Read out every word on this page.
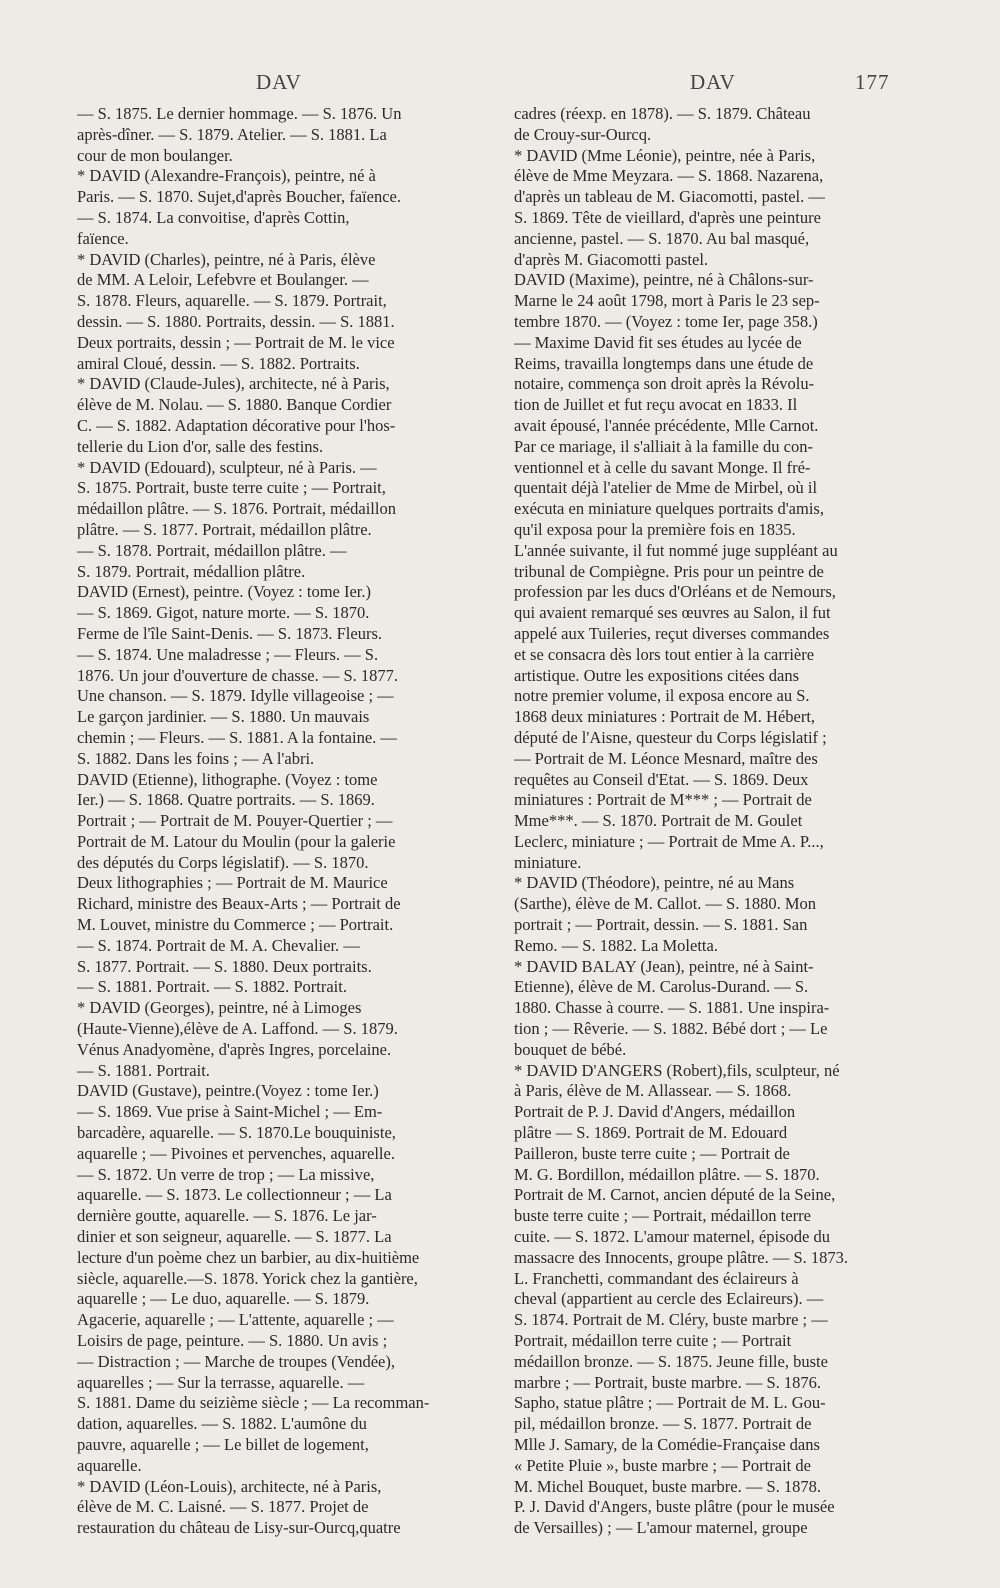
DAV	DAV	177
— S. 1875. Le dernier hommage. — S. 1876. Un
après-dîner. — S. 1879. Atelier. — S. 1881. La
cour de mon boulanger.
* DAVID (Alexandre-François), peintre, né à
Paris. — S. 1870. Sujet,d'après Boucher, faïence.
— S. 1874. La convoitise, d'après Cottin,
faïence.
* DAVID (Charles), peintre, né à Paris, élève
de MM. A Leloir, Lefebvre et Boulanger. —
S. 1878. Fleurs, aquarelle. — S. 1879. Portrait,
dessin. — S. 1880. Portraits, dessin. — S. 1881.
Deux portraits, dessin ; — Portrait de M. le vice
amiral Cloué, dessin. — S. 1882. Portraits.
* DAVID (Claude-Jules), architecte, né à Paris,
élève de M. Nolau. — S. 1880. Banque Cordier
C. — S. 1882. Adaptation décorative pour l'hos-
tellerie du Lion d'or, salle des festins.
* DAVID (Edouard), sculpteur, né à Paris. —
S. 1875. Portrait, buste terre cuite ; — Portrait,
médaillon plâtre. — S. 1876. Portrait, médaillon
plâtre. — S. 1877. Portrait, médaillon plâtre.
— S. 1878. Portrait, médaillon plâtre. —
S. 1879. Portrait, médallion plâtre.
DAVID (Ernest), peintre. (Voyez : tome Ier.)
— S. 1869. Gigot, nature morte. — S. 1870.
Ferme de l'île Saint-Denis. — S. 1873. Fleurs.
— S. 1874. Une maladresse ; — Fleurs. — S.
1876. Un jour d'ouverture de chasse. — S. 1877.
Une chanson. — S. 1879. Idylle villageoise ; —
Le garçon jardinier. — S. 1880. Un mauvais
chemin ; — Fleurs. — S. 1881. A la fontaine. —
S. 1882. Dans les foins ; — A l'abri.
DAVID (Etienne), lithographe. (Voyez : tome
Ier.) — S. 1868. Quatre portraits. — S. 1869.
Portrait ; — Portrait de M. Pouyer-Quertier ; —
Portrait de M. Latour du Moulin (pour la galerie
des députés du Corps législatif). — S. 1870.
Deux lithographies ; — Portrait de M. Maurice
Richard, ministre des Beaux-Arts ; — Portrait de
M. Louvet, ministre du Commerce ; — Portrait.
— S. 1874. Portrait de M. A. Chevalier. —
S. 1877. Portrait. — S. 1880. Deux portraits.
— S. 1881. Portrait. — S. 1882. Portrait.
* DAVID (Georges), peintre, né à Limoges
(Haute-Vienne),élève de A. Laffond. — S. 1879.
Vénus Anadyomène, d'après Ingres, porcelaine.
— S. 1881. Portrait.
DAVID (Gustave), peintre.(Voyez : tome Ier.)
— S. 1869. Vue prise à Saint-Michel ; — Em-
barcadère, aquarelle. — S. 1870.Le bouquiniste,
aquarelle ; — Pivoines et pervenches, aquarelle.
— S. 1872. Un verre de trop ; — La missive,
aquarelle. — S. 1873. Le collectionneur ; — La
dernière goutte, aquarelle. — S. 1876. Le jar-
dinier et son seigneur, aquarelle. — S. 1877. La
lecture d'un poème chez un barbier, au dix-huitième
siècle, aquarelle.—S. 1878. Yorick chez la gantière,
aquarelle ; — Le duo, aquarelle. — S. 1879.
Agacerie, aquarelle ; — L'attente, aquarelle ; —
Loisirs de page, peinture. — S. 1880. Un avis ;
— Distraction ; — Marche de troupes (Vendée),
aquarelles ; — Sur la terrasse, aquarelle. —
S. 1881. Dame du seizième siècle ; — La recomman-
dation, aquarelles. — S. 1882. L'aumône du
pauvre, aquarelle ; — Le billet de logement,
aquarelle.
* DAVID (Léon-Louis), architecte, né à Paris,
élève de M. C. Laisné. — S. 1877. Projet de
restauration du château de Lisy-sur-Ourcq,quatre
cadres (réexp. en 1878). — S. 1879. Château
de Crouy-sur-Ourcq.
* DAVID (Mme Léonie), peintre, née à Paris,
élève de Mme Meyzara. — S. 1868. Nazarena,
d'après un tableau de M. Giacomotti, pastel. —
S. 1869. Tête de vieillard, d'après une peinture
ancienne, pastel. — S. 1870. Au bal masqué,
d'après M. Giacomotti pastel.
DAVID (Maxime), peintre, né à Châlons-sur-
Marne le 24 août 1798, mort à Paris le 23 sep-
tembre 1870. — (Voyez : tome Ier, page 358.)
— Maxime David fit ses études au lycée de
Reims, travailla longtemps dans une étude de
notaire, commença son droit après la Révolu-
tion de Juillet et fut reçu avocat en 1833. Il
avait épousé, l'année précédente, Mlle Carnot.
Par ce mariage, il s'alliait à la famille du con-
ventionnel et à celle du savant Monge. Il fré-
quentait déjà l'atelier de Mme de Mirbel, où il
exécuta en miniature quelques portraits d'amis,
qu'il exposa pour la première fois en 1835.
L'année suivante, il fut nommé juge suppléant au
tribunal de Compiègne. Pris pour un peintre de
profession par les ducs d'Orléans et de Nemours,
qui avaient remarqué ses œuvres au Salon, il fut
appelé aux Tuileries, reçut diverses commandes
et se consacra dès lors tout entier à la carrière
artistique. Outre les expositions citées dans
notre premier volume, il exposa encore au S.
1868 deux miniatures : Portrait de M. Hébert,
député de l'Aisne, questeur du Corps législatif ;
— Portrait de M. Léonce Mesnard, maître des
requêtes au Conseil d'Etat. — S. 1869. Deux
miniatures : Portrait de M*** ; — Portrait de
Mme***. — S. 1870. Portrait de M. Goulet
Leclerc, miniature ; — Portrait de Mme A. P...,
miniature.
* DAVID (Théodore), peintre, né au Mans
(Sarthe), élève de M. Callot. — S. 1880. Mon
portrait ; — Portrait, dessin. — S. 1881. San
Remo. — S. 1882. La Moletta.
* DAVID BALAY (Jean), peintre, né à Saint-
Etienne), élève de M. Carolus-Durand. — S.
1880. Chasse à courre. — S. 1881. Une inspira-
tion ; — Rêverie. — S. 1882. Bébé dort ; — Le
bouquet de bébé.
* DAVID D'ANGERS (Robert),fils, sculpteur, né
à Paris, élève de M. Allassear. — S. 1868.
Portrait de P. J. David d'Angers, médaillon
plâtre — S. 1869. Portrait de M. Edouard
Pailleron, buste terre cuite ; — Portrait de
M. G. Bordillon, médaillon plâtre. — S. 1870.
Portrait de M. Carnot, ancien député de la Seine,
buste terre cuite ; — Portrait, médaillon terre
cuite. — S. 1872. L'amour maternel, épisode du
massacre des Innocents, groupe plâtre. — S. 1873.
L. Franchetti, commandant des éclaireurs à
cheval (appartient au cercle des Eclaireurs). —
S. 1874. Portrait de M. Cléry, buste marbre ; —
Portrait, médaillon terre cuite ; — Portrait
médaillon bronze. — S. 1875. Jeune fille, buste
marbre ; — Portrait, buste marbre. — S. 1876.
Sapho, statue plâtre ; — Portrait de M. L. Gou-
pil, médaillon bronze. — S. 1877. Portrait de
Mlle J. Samary, de la Comédie-Française dans
« Petite Pluie », buste marbre ; — Portrait de
M. Michel Bouquet, buste marbre. — S. 1878.
P. J. David d'Angers, buste plâtre (pour le musée
de Versailles) ; — L'amour maternel, groupe
